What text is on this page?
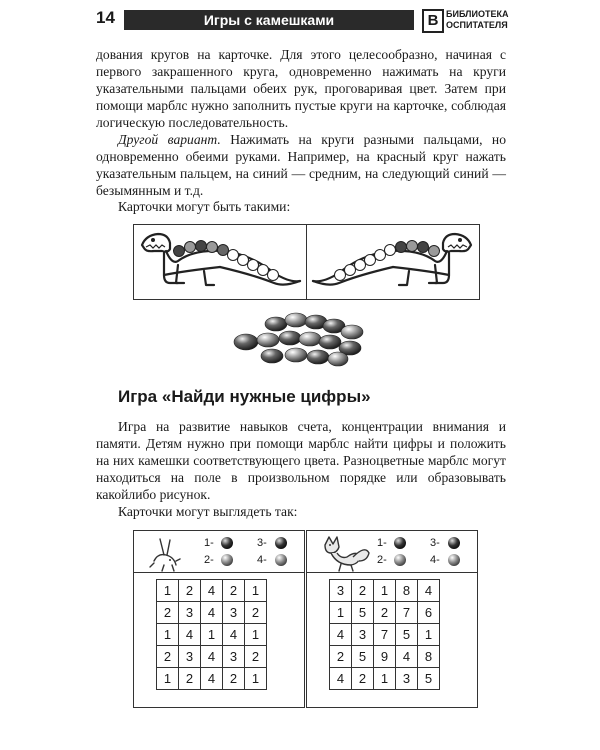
14	Игры с камешками	B БИБЛИОТЕКА
ОСПИТАТЕЛЯ
дования кругов на карточке. Для этого целесообразно, начиная с первого закрашенного круга, одновременно нажимать на круги указательными пальцами обеих рук, проговаривая цвет. Затем при помощи марблс нужно заполнить пустые круги на карточке, соблюдая логическую последовательность.
Другой вариант. Нажимать на круги разными пальцами, но одновременно обеими руками. Например, на красный круг нажать указательным пальцем, на синий — средним, на следующий синий — безымянным и т.д.
Карточки могут быть такими:
Игра «Найди нужные цифры»
Игра на развитие навыков счета, концентрации внимания и памяти. Детям нужно при помощи марблс найти цифры и положить на них камешки соответствующего цвета. Разноцветные марблс могут находиться на поле в произвольном порядке или образовывать какойлибо рисунок.
Карточки могут выглядеть так:
1-
2-
3-
4-
1	2	4	2	1
2	3	4	3	2
1	4	1	4	1
2	3	4	3	2
1	2	4	2	1
1-
2-
3-
4-
3	2	1	8	4
1	5	2	7	6
4	3	7	5	1
2	5	9	4	8
4	2	1	3	5
